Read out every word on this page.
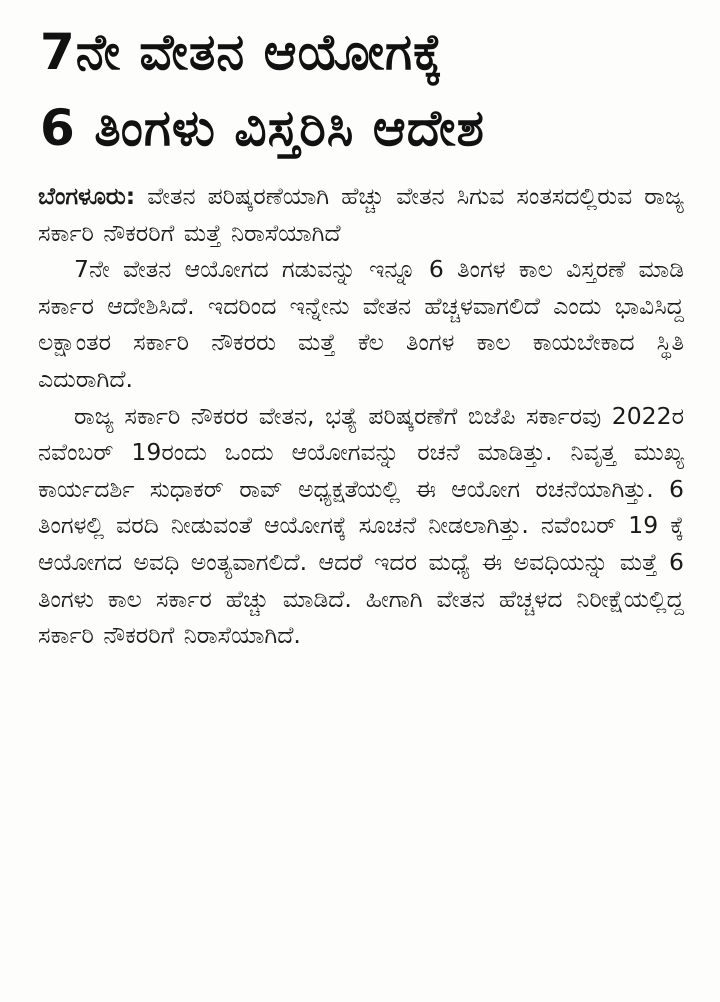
7ನೇ ವೇತನ ಆಯೋಗಕ್ಕೆ
6 ತಿಂಗಳು ವಿಸ್ತರಿಸಿ ಆದೇಶ

ಬೆಂಗಳೂರು: ವೇತನ ಪರಿಷ್ಕರಣೆಯಾಗಿ ಹೆಚ್ಚು ವೇತನ ಸಿಗುವ ಸಂತಸದಲ್ಲಿರುವ ರಾಜ್ಯ ಸರ್ಕಾರಿ ನೌಕರರಿಗೆ ಮತ್ತೆ ನಿರಾಸೆಯಾಗಿದೆ

7ನೇ ವೇತನ ಆಯೋಗದ ಗಡುವನ್ನು ಇನ್ನೂ 6 ತಿಂಗಳ ಕಾಲ ವಿಸ್ತರಣೆ ಮಾಡಿ ಸರ್ಕಾರ ಆದೇಶಿಸಿದೆ. ಇದರಿಂದ ಇನ್ನೇನು ವೇತನ ಹೆಚ್ಚಳವಾಗಲಿದೆ ಎಂದು ಭಾವಿಸಿದ್ದ ಲಕ್ಷಾಂತರ ಸರ್ಕಾರಿ ನೌಕರರು ಮತ್ತೆ ಕೆಲ ತಿಂಗಳ ಕಾಲ ಕಾಯಬೇಕಾದ ಸ್ಥಿತಿ ಎದುರಾಗಿದೆ.

ರಾಜ್ಯ ಸರ್ಕಾರಿ ನೌಕರರ ವೇತನ, ಭತ್ಯೆ ಪರಿಷ್ಕರಣೆಗೆ ಬಿಜೆಪಿ ಸರ್ಕಾರವು 2022ರ ನವೆಂಬರ್ 19ರಂದು ಒಂದು ಆಯೋಗವನ್ನು ರಚನೆ ಮಾಡಿತ್ತು. ನಿವೃತ್ತ ಮುಖ್ಯ ಕಾರ್ಯದರ್ಶಿ ಸುಧಾಕರ್ ರಾವ್ ಅಧ್ಯಕ್ಷತೆಯಲ್ಲಿ ಈ ಆಯೋಗ ರಚನೆಯಾಗಿತ್ತು. 6 ತಿಂಗಳಲ್ಲಿ ವರದಿ ನೀಡುವಂತೆ ಆಯೋಗಕ್ಕೆ ಸೂಚನೆ ನೀಡಲಾಗಿತ್ತು. ನವೆಂಬರ್ 19 ಕ್ಕೆ ಆಯೋಗದ ಅವಧಿ ಅಂತ್ಯವಾಗಲಿದೆ. ಆದರೆ ಇದರ ಮಧ್ಯೆ ಈ ಅವಧಿಯನ್ನು ಮತ್ತೆ 6 ತಿಂಗಳು ಕಾಲ ಸರ್ಕಾರ ಹೆಚ್ಚು ಮಾಡಿದೆ. ಹೀಗಾಗಿ ವೇತನ ಹೆಚ್ಚಳದ ನಿರೀಕ್ಷೆಯಲ್ಲಿದ್ದ ಸರ್ಕಾರಿ ನೌಕರರಿಗೆ ನಿರಾಸೆಯಾಗಿದೆ.
